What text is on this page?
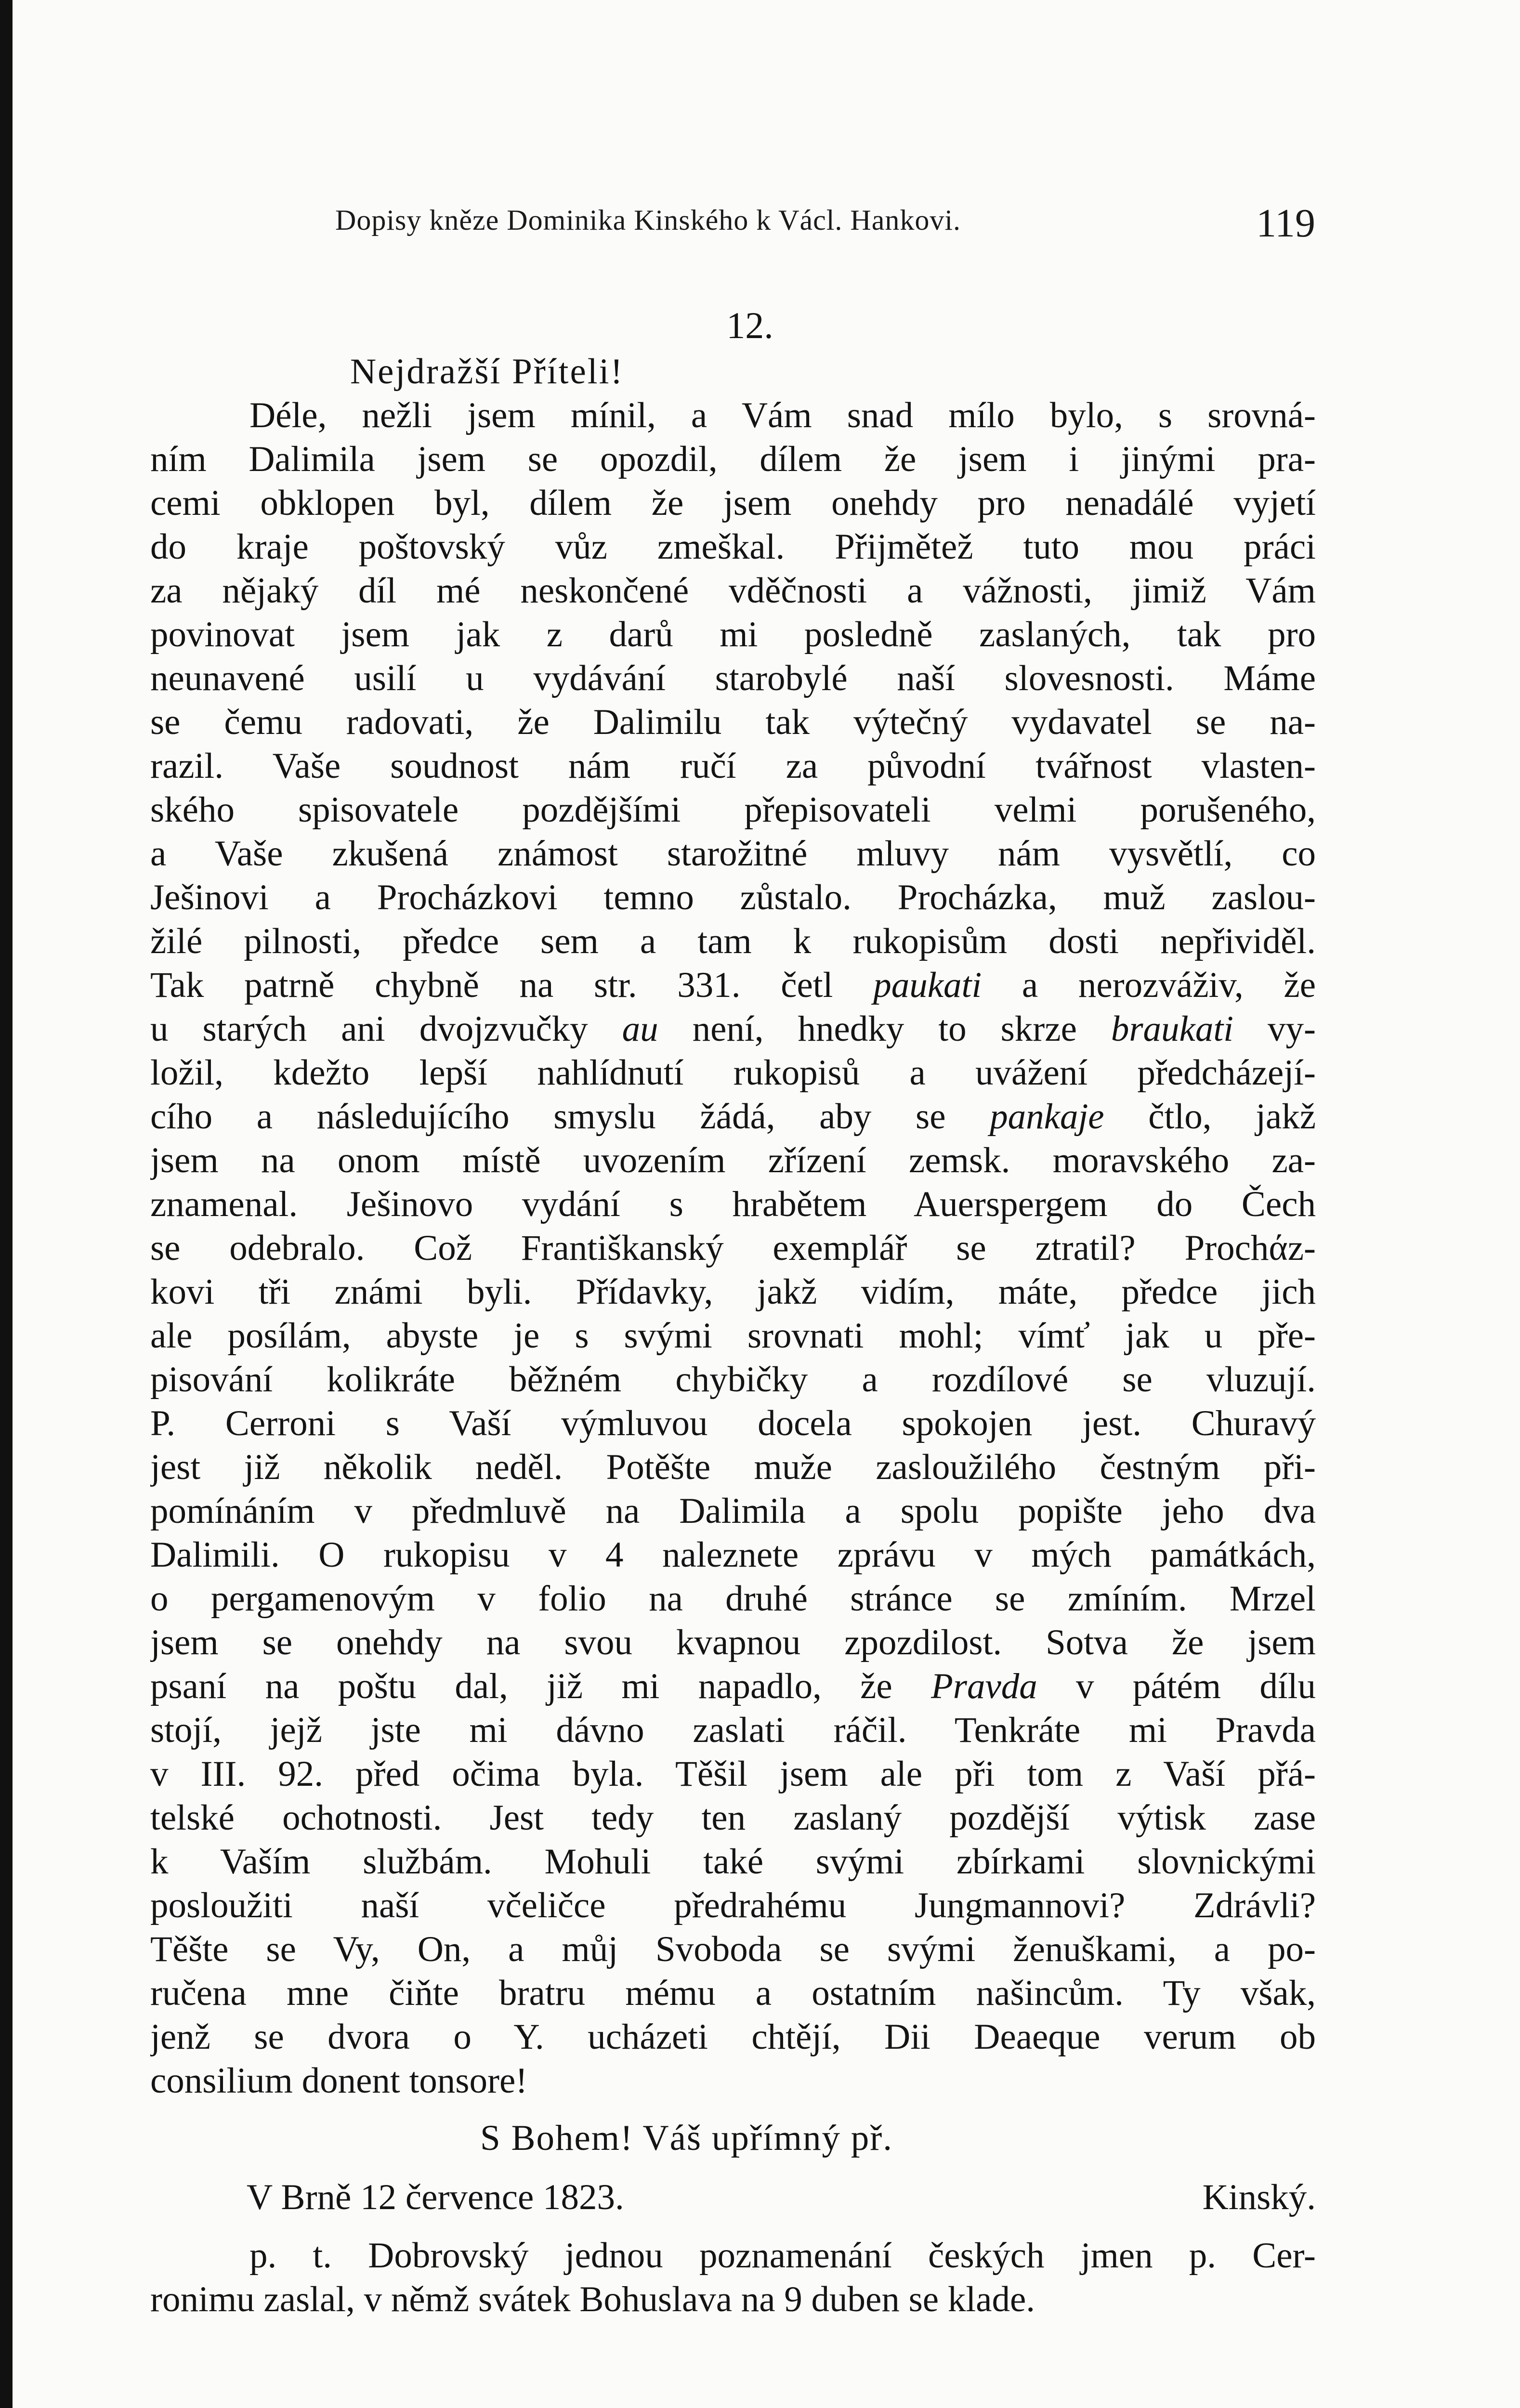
Dopisy kněze Dominika Kinského k Václ. Hankovi.	119
12.
Nejdražší Příteli!
Déle, nežli jsem mínil, a Vám snad mílo bylo, s srovná-
ním Dalimila jsem se opozdil, dílem že jsem i jinými pra-
cemi obklopen byl, dílem že jsem onehdy pro nenadálé vyjetí
do kraje poštovský vůz zmeškal. Přijmětež tuto mou práci
za nějaký díl mé neskončené vděčnosti a vážnosti, jimiž Vám
povinovat jsem jak z darů mi posledně zaslaných, tak pro
neunavené usilí u vydávání starobylé naší slovesnosti. Máme
se čemu radovati, že Dalimilu tak výtečný vydavatel se na-
razil. Vaše soudnost nám ručí za původní tvářnost vlasten-
ského spisovatele pozdějšími přepisovateli velmi porušeného,
a Vaše zkušená známost starožitné mluvy nám vysvětlí, co
Ješinovi a Procházkovi temno zůstalo. Procházka, muž zaslou-
žilé pilnosti, předce sem a tam k rukopisům dosti nepřividěl.
Tak patrně chybně na str. 331. četl paukati a nerozváživ, že
u starých ani dvojzvučky au není, hnedky to skrze braukati vy-
ložil, kdežto lepší nahlídnutí rukopisů a uvážení předcházejí-
cího a následujícího smyslu žádá, aby se pankaje čtlo, jakž
jsem na onom místě uvozením zřízení zemsk. moravského za-
znamenal. Ješinovo vydání s hrabětem Auerspergem do Čech
se odebralo. Což Františkanský exemplář se ztratil? Prochάz-
kovi tři známi byli. Přídavky, jakž vidím, máte, předce jich
ale posílám, abyste je s svými srovnati mohl; vímť jak u pře-
pisování kolikráte běžném chybičky a rozdílové se vluzují.
P. Cerroni s Vaší výmluvou docela spokojen jest. Churavý
jest již několik neděl. Potěšte muže zasloužilého čestným při-
pomínáním v předmluvě na Dalimila a spolu popište jeho dva
Dalimili. O rukopisu v 4 naleznete zprávu v mých památkách,
o pergamenovým v folio na druhé stránce se zmíním. Mrzel
jsem se onehdy na svou kvapnou zpozdilost. Sotva že jsem
psaní na poštu dal, již mi napadlo, že Pravda v pátém dílu
stojí, jejž jste mi dávno zaslati ráčil. Tenkráte mi Pravda
v III. 92. před očima byla. Těšil jsem ale při tom z Vaší přá-
telské ochotnosti. Jest tedy ten zaslaný pozdější výtisk zase
k Vaším službám. Mohuli také svými zbírkami slovnickými
posloužiti naší včeličce předrahému Jungmannovi? Zdrávli?
Těšte se Vy, On, a můj Svoboda se svými ženuškami, a po-
ručena mne čiňte bratru mému a ostatním našincům. Ty však,
jenž se dvora o Y. ucházeti chtějí, Dii Deaeque verum ob
consilium donent tonsore!
S Bohem! Váš upřímný př.
V Brně 12 července 1823.	Kinský.
p. t. Dobrovský jednou poznamenání českých jmen p. Cer-
ronimu zaslal, v němž svátek Bohuslava na 9 duben se klade.
